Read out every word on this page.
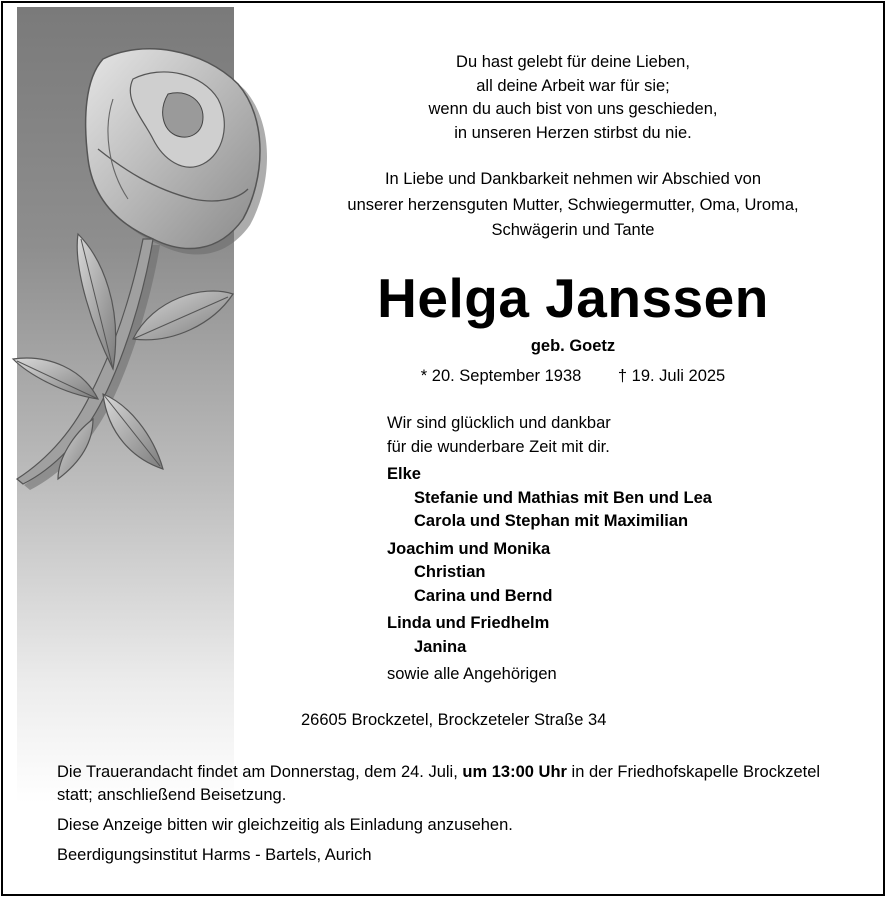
Du hast gelebt für deine Lieben,
all deine Arbeit war für sie;
wenn du auch bist von uns geschieden,
in unseren Herzen stirbst du nie.
In Liebe und Dankbarkeit nehmen wir Abschied von
unserer herzensguten Mutter, Schwiegermutter, Oma, Uroma,
Schwägerin und Tante
Helga Janssen
geb. Goetz
* 20. September 1938 † 19. Juli 2025
Wir sind glücklich und dankbar
für die wunderbare Zeit mit dir.
Elke
Stefanie und Mathias mit Ben und Lea
Carola und Stephan mit Maximilian
Joachim und Monika
Christian
Carina und Bernd
Linda und Friedhelm
Janina
sowie alle Angehörigen
26605 Brockzetel, Brockzeteler Straße 34

Die Trauerandacht findet am Donnerstag, dem 24. Juli, um 13:00 Uhr in der Friedhofskapelle Brockzetel statt; anschließend Beisetzung.

Diese Anzeige bitten wir gleichzeitig als Einladung anzusehen.

Beerdigungsinstitut Harms - Bartels, Aurich
